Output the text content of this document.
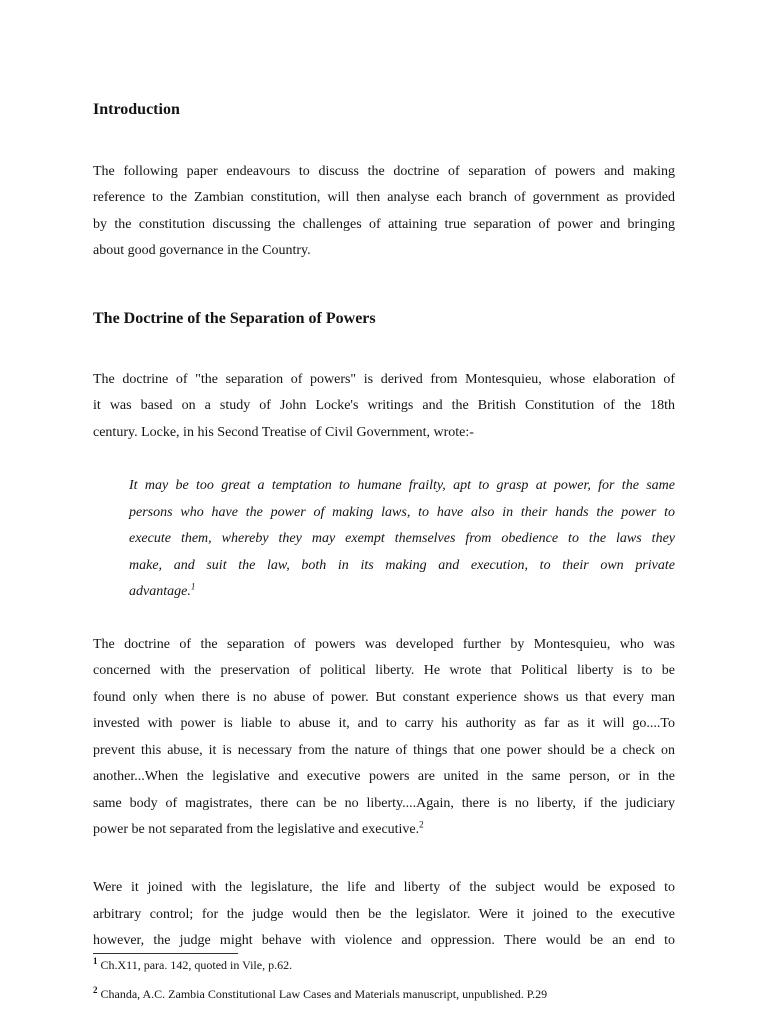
Introduction
The Doctrine of the Separation of Powers
The following paper endeavours to discuss the doctrine of separation of powers and making
reference to the Zambian constitution, will then analyse each branch of government as provided
by the constitution discussing the challenges of attaining true separation of power and bringing
about good governance in the Country.
The doctrine of "the separation of powers" is derived from Montesquieu, whose elaboration of
it was based on a study of John Locke's writings and the British Constitution of the 18th
century. Locke, in his Second Treatise of Civil Government, wrote:-
It may be too great a temptation to humane frailty, apt to grasp at power, for the same
persons who have the power of making laws, to have also in their hands the power to
execute them, whereby they may exempt themselves from obedience to the laws they
make, and suit the law, both in its making and execution, to their own private
advantage.$^1$
The doctrine of the separation of powers was developed further by Montesquieu, who was
concerned with the preservation of political liberty. He wrote that Political liberty is to be
found only when there is no abuse of power. But constant experience shows us that every man
invested with power is liable to abuse it, and to carry his authority as far as it will go....To
prevent this abuse, it is necessary from the nature of things that one power should be a check on
another...When the legislative and executive powers are united in the same person, or in the
same body of magistrates, there can be no liberty....Again, there is no liberty, if the judiciary
power be not separated from the legislative and executive.$^2$
Were it joined with the legislature, the life and liberty of the subject would be exposed to
arbitrary control; for the judge would then be the legislator. Were it joined to the executive
however, the judge might behave with violence and oppression. There would be an end to
$^1$ Ch.X11, para. 142, quoted in Vile, p.62.
$^2$ Chanda, A.C. Zambia Constitutional Law Cases and Materials manuscript, unpublished. P.29
